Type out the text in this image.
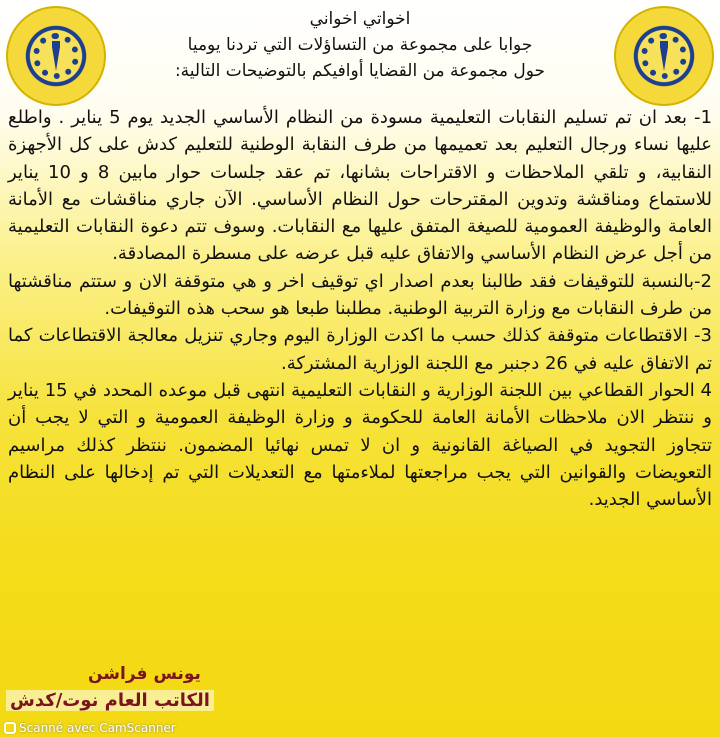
اخواتي اخواني
جوابا على مجموعة من التساؤلات التي تردنا يوميا
حول مجموعة من القضايا أوافيكم بالتوضيحات التالية:

1- بعد ان تم تسليم النقابات التعليمية مسودة من النظام الأساسي الجديد يوم 5 يناير . واطلع عليها نساء ورجال التعليم بعد تعميمها من طرف النقابة الوطنية للتعليم كدش على كل الأجهزة النقابية، و تلقي الملاحظات و الاقتراحات بشانها، تم عقد جلسات حوار مابين 8 و 10 يناير للاستماع ومناقشة وتدوين المقترحات حول النظام الأساسي. الآن جاري مناقشات مع الأمانة العامة والوظيفة العمومية للصيغة المتفق عليها مع النقابات. وسوف تتم دعوة النقابات التعليمية من أجل عرض النظام الأساسي والاتفاق عليه قبل عرضه على مسطرة المصادقة.

2-بالنسبة للتوقيفات فقد طالبنا بعدم اصدار اي توقيف اخر و هي متوقفة الان و ستتم مناقشتها من طرف النقابات مع وزارة التربية الوطنية. مطلبنا طبعا هو سحب هذه التوقيفات.

3- الاقتطاعات متوقفة كذلك حسب ما اكدت الوزارة اليوم وجاري تنزيل معالجة الاقتطاعات كما تم الاتفاق عليه في 26 دجنبر مع اللجنة الوزارية المشتركة.

4 الحوار القطاعي بين اللجنة الوزارية و النقابات التعليمية انتهى قبل موعده المحدد في 15 يناير و ننتظر الان ملاحظات الأمانة العامة للحكومة و وزارة الوظيفة العمومية و التي لا يجب أن تتجاوز التجويد في الصياغة القانونية و ان لا تمس نهائيا المضمون. ننتظر كذلك مراسيم التعويضات والقوانين التي يجب مراجعتها لملاءمتها مع التعديلات التي تم إدخالها على النظام الأساسي الجديد.

يونس فراشن
الكاتب العام نوت/كدش
Scanné avec CamScanner
